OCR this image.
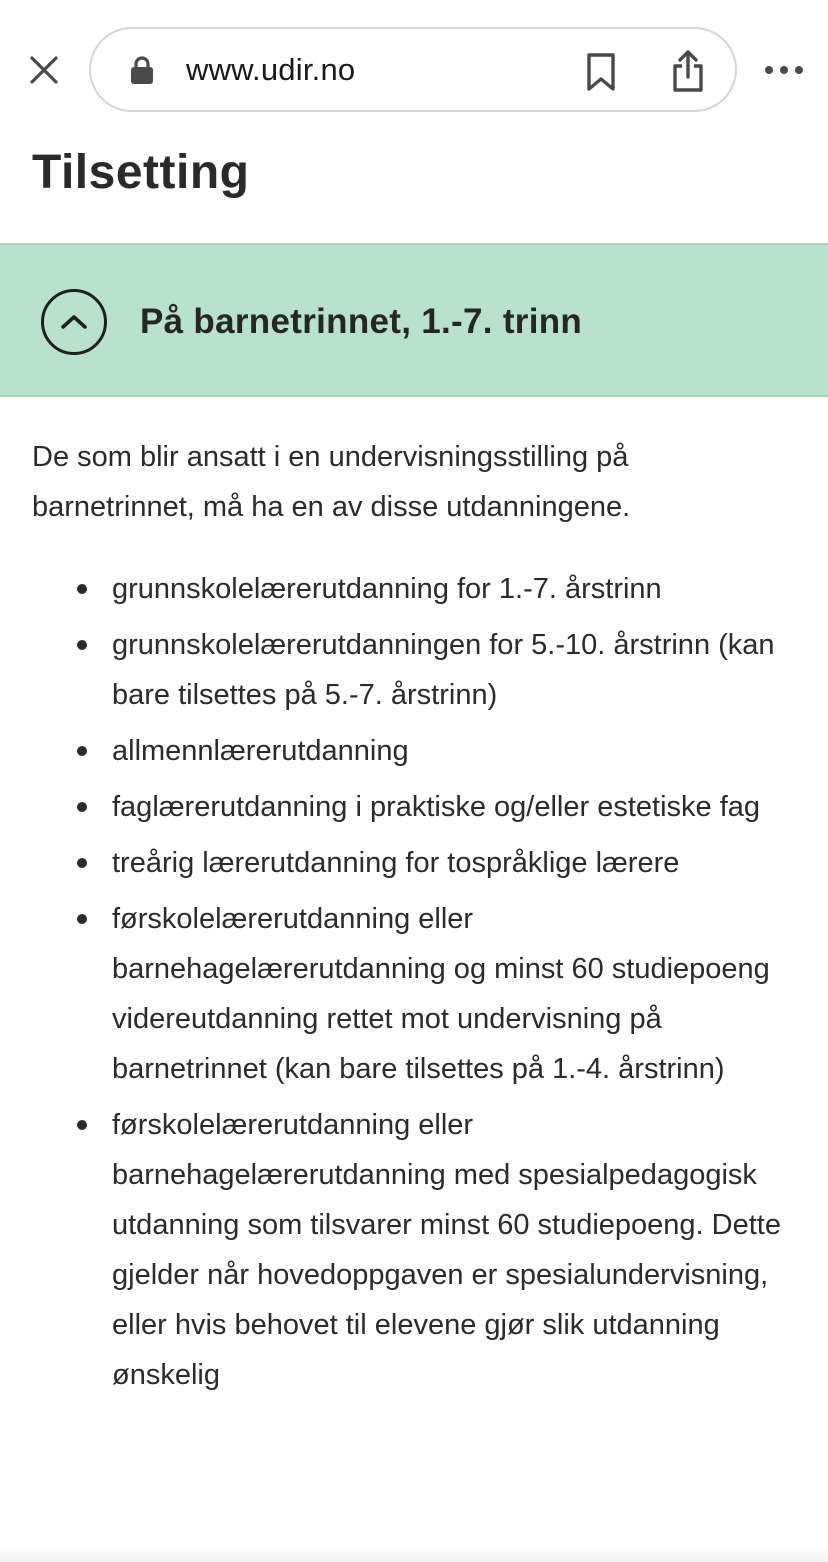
www.udir.no
Tilsetting
På barnetrinnet, 1.-7. trinn

De som blir ansatt i en undervisningsstilling på barnetrinnet, må ha en av disse utdanningene.

grunnskolelærerutdanning for 1.-7. årstrinn
grunnskolelærerutdanningen for 5.-10. årstrinn (kan bare tilsettes på 5.-7. årstrinn)
allmennlærerutdanning
faglærerutdanning i praktiske og/eller estetiske fag
treårig lærerutdanning for tospråklige lærere
førskolelærerutdanning eller barnehagelærerutdanning og minst 60 studiepoeng videreutdanning rettet mot undervisning på barnetrinnet (kan bare tilsettes på 1.-4. årstrinn)
førskolelærerutdanning eller barnehagelærerutdanning med spesialpedagogisk utdanning som tilsvarer minst 60 studiepoeng. Dette gjelder når hovedoppgaven er spesialundervisning, eller hvis behovet til elevene gjør slik utdanning ønskelig
